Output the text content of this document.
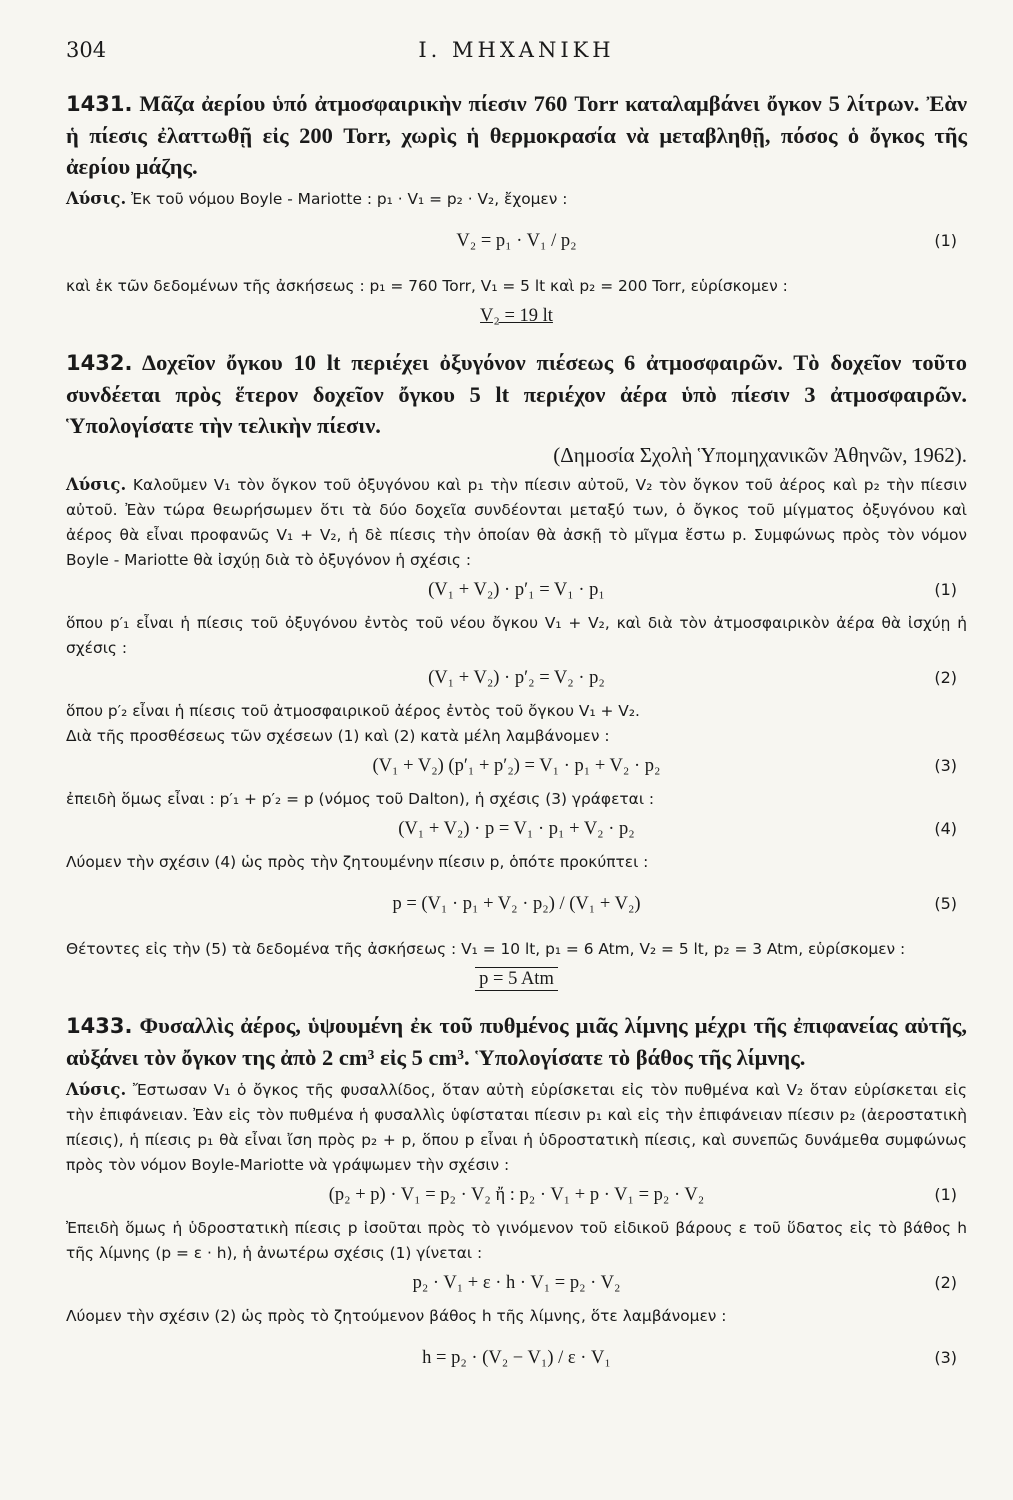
304	Ι. ΜΗΧΑΝΙΚΗ
1431. Μᾶζα ἀερίου ὑπό ἀτμοσφαιρικὴν πίεσιν 760 Torr καταλαμβάνει ὄγκον 5 λίτρων. Ἐὰν ἡ πίεσις ἐλαττωθῇ εἰς 200 Torr, χωρὶς ἡ θερμοκρασία νὰ μεταβληθῇ, πόσος ὁ ὄγκος τῆς ἀερίου μάζης.
Λύσις. Ἐκ τοῦ νόμου Boyle - Mariotte : p₁ · V₁ = p₂ · V₂, ἔχομεν :
V₂ = p₁ · V₁ / p₂	(1)
καὶ ἐκ τῶν δεδομένων τῆς ἀσκήσεως : p₁ = 760 Torr, V₁ = 5 lt καὶ p₂ = 200 Torr, εὑρίσκομεν :
V₂ = 19 lt
1432. Δοχεῖον ὄγκου 10 lt περιέχει ὀξυγόνον πιέσεως 6 ἀτμοσφαιρῶν. Τὸ δοχεῖον τοῦτο συνδέεται πρὸς ἕτερον δοχεῖον ὄγκου 5 lt περιέχον ἀέρα ὑπὸ πίεσιν 3 ἀτμοσφαιρῶν. Ὑπολογίσατε τὴν τελικὴν πίεσιν.
(Δημοσία Σχολὴ Ὑπομηχανικῶν Ἀθηνῶν, 1962).
Λύσις. Καλοῦμεν V₁ τὸν ὄγκον τοῦ ὀξυγόνου καὶ p₁ τὴν πίεσιν αὐτοῦ, V₂ τὸν ὄγκον τοῦ ἀέρος καὶ p₂ τὴν πίεσιν αὐτοῦ. Ἐὰν τώρα θεωρήσωμεν ὅτι τὰ δύο δοχεῖα συνδέονται μεταξύ των, ὁ ὄγκος τοῦ μίγματος ὀξυγόνου καὶ ἀέρος θὰ εἶναι προφανῶς V₁ + V₂, ἡ δὲ πίεσις τὴν ὁποίαν θὰ ἀσκῇ τὸ μῖγμα ἔστω p. Συμφώνως πρὸς τὸν νόμον Boyle - Mariotte θὰ ἰσχύῃ διὰ τὸ ὀξυγόνον ἡ σχέσις :
(V₁ + V₂) · p′₁ = V₁ · p₁	(1)
ὅπου p′₁ εἶναι ἡ πίεσις τοῦ ὀξυγόνου ἐντὸς τοῦ νέου ὄγκου V₁ + V₂, καὶ διὰ τὸν ἀτμοσφαιρικὸν ἀέρα θὰ ἰσχύῃ ἡ σχέσις :
(V₁ + V₂) · p′₂ = V₂ · p₂	(2)
ὅπου p′₂ εἶναι ἡ πίεσις τοῦ ἀτμοσφαιρικοῦ ἀέρος ἐντὸς τοῦ ὄγκου V₁ + V₂.
Διὰ τῆς προσθέσεως τῶν σχέσεων (1) καὶ (2) κατὰ μέλη λαμβάνομεν :
(V₁ + V₂) (p′₁ + p′₂) = V₁ · p₁ + V₂ · p₂	(3)
ἐπειδὴ ὅμως εἶναι : p′₁ + p′₂ = p (νόμος τοῦ Dalton), ἡ σχέσις (3) γράφεται :
(V₁ + V₂) · p = V₁ · p₁ + V₂ · p₂	(4)
Λύομεν τὴν σχέσιν (4) ὡς πρὸς τὴν ζητουμένην πίεσιν p, ὁπότε προκύπτει :
p = (V₁ · p₁ + V₂ · p₂) / (V₁ + V₂)	(5)
Θέτοντες εἰς τὴν (5) τὰ δεδομένα τῆς ἀσκήσεως : V₁ = 10 lt, p₁ = 6 Atm, V₂ = 5 lt, p₂ = 3 Atm, εὑρίσκομεν :
p = 5 Atm
1433. Φυσαλλὶς ἀέρος, ὑψουμένη ἐκ τοῦ πυθμένος μιᾶς λίμνης μέχρι τῆς ἐπιφανείας αὐτῆς, αὐξάνει τὸν ὄγκον της ἀπὸ 2 cm³ εἰς 5 cm³. Ὑπολογίσατε τὸ βάθος τῆς λίμνης.
Λύσις. Ἔστωσαν V₁ ὁ ὄγκος τῆς φυσαλλίδος, ὅταν αὐτὴ εὑρίσκεται εἰς τὸν πυθμένα καὶ V₂ ὅταν εὑρίσκεται εἰς τὴν ἐπιφάνειαν. Ἐὰν εἰς τὸν πυθμένα ἡ φυσαλλὶς ὑφίσταται πίεσιν p₁ καὶ εἰς τὴν ἐπιφάνειαν πίεσιν p₂ (ἀεροστατικὴ πίεσις), ἡ πίεσις p₁ θὰ εἶναι ἴση πρὸς p₂ + p, ὅπου p εἶναι ἡ ὑδροστατικὴ πίεσις, καὶ συνεπῶς δυνάμεθα συμφώνως πρὸς τὸν νόμον Boyle-Mariotte νὰ γράψωμεν τὴν σχέσιν :
(p₂ + p) · V₁ = p₂ · V₂ ἤ : p₂ · V₁ + p · V₁ = p₂ · V₂	(1)
Ἐπειδὴ ὅμως ἡ ὑδροστατικὴ πίεσις p ἰσοῦται πρὸς τὸ γινόμενον τοῦ εἰδικοῦ βάρους ε τοῦ ὕδατος εἰς τὸ βάθος h τῆς λίμνης (p = ε · h), ἡ ἀνωτέρω σχέσις (1) γίνεται :
p₂ · V₁ + ε · h · V₁ = p₂ · V₂	(2)
Λύομεν τὴν σχέσιν (2) ὡς πρὸς τὸ ζητούμενον βάθος h τῆς λίμνης, ὅτε λαμβάνομεν :
h = p₂ · (V₂ − V₁) / ε · V₁	(3)
